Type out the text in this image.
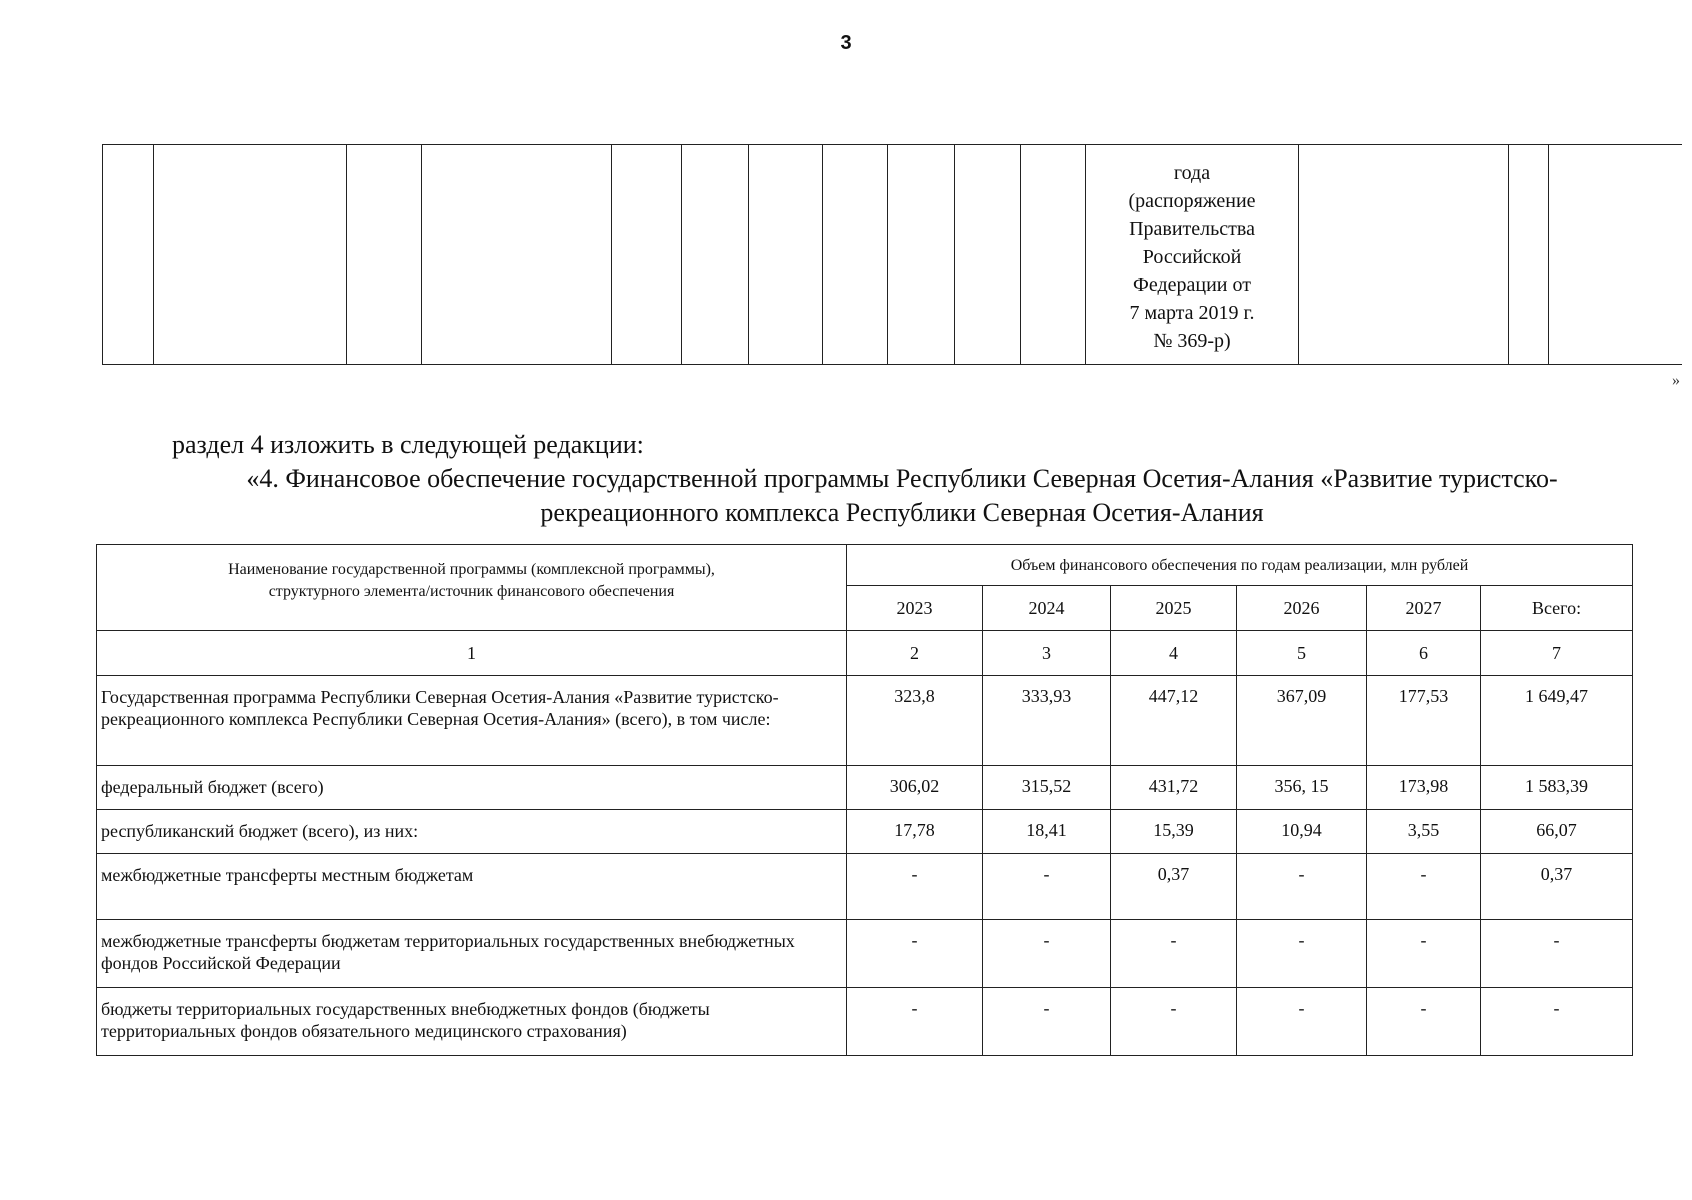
3

года
(распоряжение
Правительства
Российской
Федерации от
7 марта 2019 г.
№ 369-р)

»
раздел 4 изложить в следующей редакции:
«4. Финансовое обеспечение государственной программы Республики Северная Осетия-Алания «Развитие туристско-
рекреационного комплекса Республики Северная Осетия-Алания
Наименование государственной программы (комплексной программы),
структурного элемента/источник финансового обеспечения	Объем финансового обеспечения по годам реализации, млн рублей					
	2023	2024	2025	2026	2027	Всего:
1	2	3	4	5	6	7
Государственная программа Республики Северная Осетия-Алания «Развитие туристско-рекреационного комплекса Республики Северная Осетия-Алания» (всего), в том числе:	323,8	333,93	447,12	367,09	177,53	1 649,47
федеральный бюджет (всего)	306,02	315,52	431,72	356, 15	173,98	1 583,39
республиканский бюджет (всего), из них:	17,78	18,41	15,39	10,94	3,55	66,07
межбюджетные трансферты местным бюджетам	-	-	0,37	-	-	0,37
межбюджетные трансферты бюджетам территориальных государственных внебюджетных фондов Российской Федерации	-	-	-	-	-	-
бюджеты территориальных государственных внебюджетных фондов (бюджеты территориальных фондов обязательного медицинского страхования)	-	-	-	-	-	-
